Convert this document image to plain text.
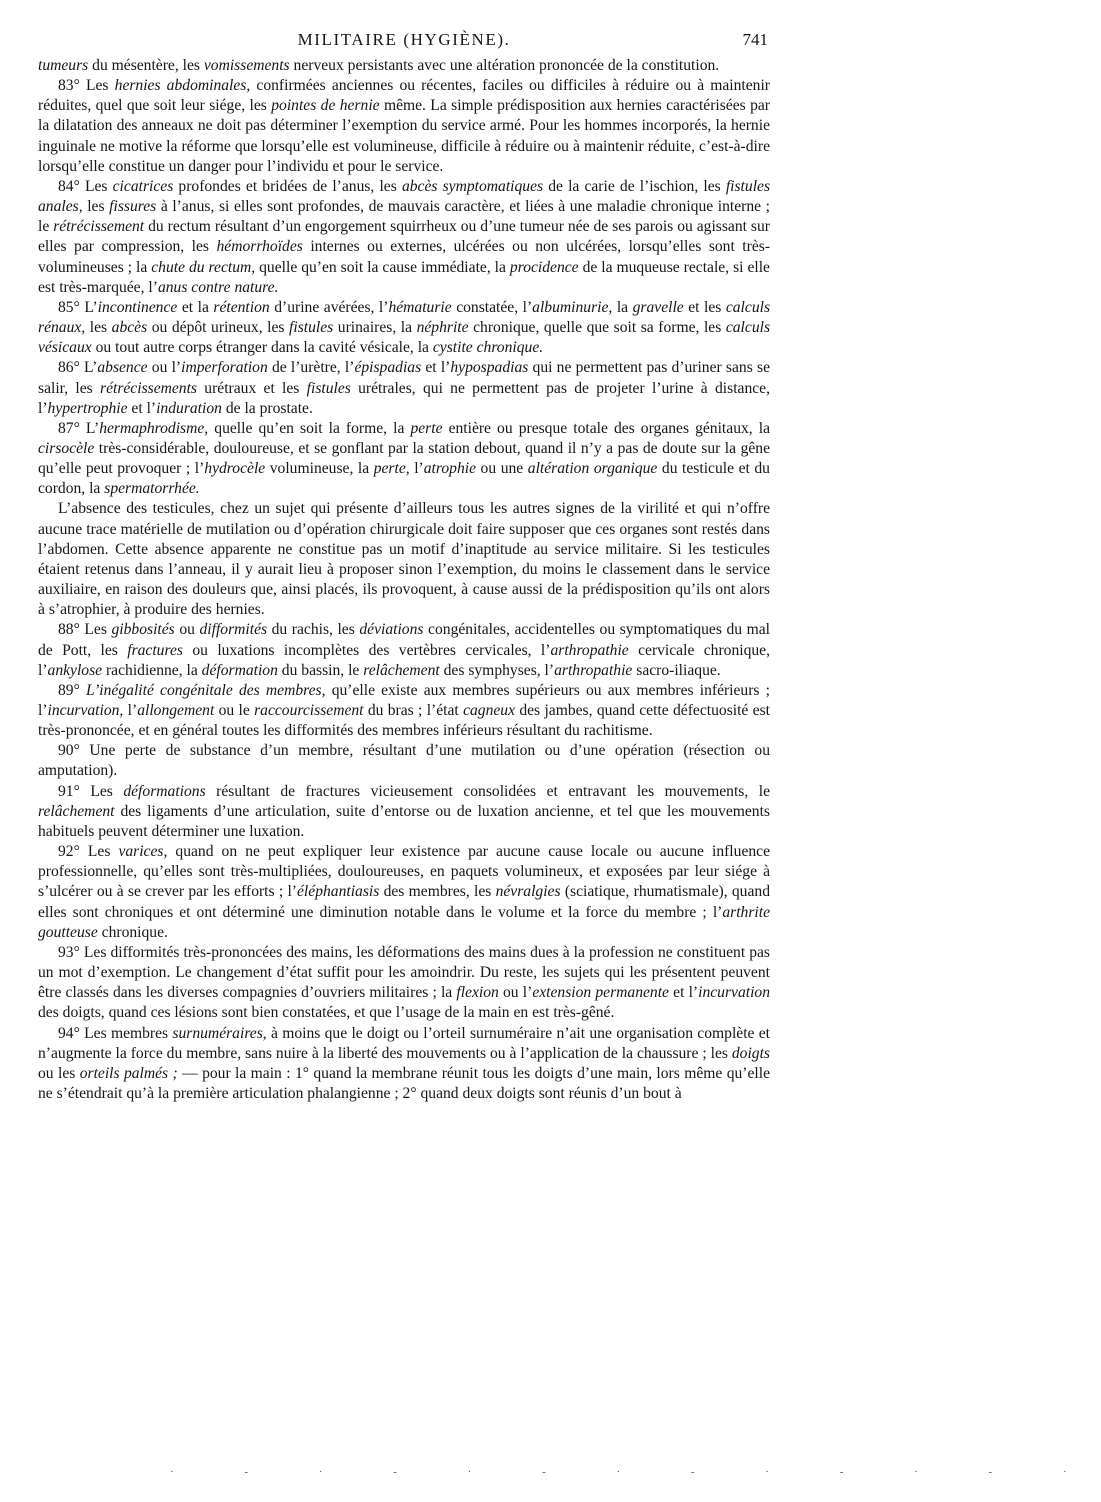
MILITAIRE (HYGIÈNE).	741

tumeurs du mésentère, les vomissements nerveux persistants avec une altération prononcée de la constitution.

83° Les hernies abdominales, confirmées anciennes ou récentes, faciles ou difficiles à réduire ou à maintenir réduites, quel que soit leur siége, les pointes de hernie même. La simple prédisposition aux hernies caractérisées par la dilatation des anneaux ne doit pas déterminer l’exemption du service armé. Pour les hommes incorporés, la hernie inguinale ne motive la réforme que lorsqu’elle est volumineuse, difficile à réduire ou à maintenir réduite, c’est-à-dire lorsqu’elle constitue un danger pour l’individu et pour le service.

84° Les cicatrices profondes et bridées de l’anus, les abcès symptomatiques de la carie de l’ischion, les fistules anales, les fissures à l’anus, si elles sont profondes, de mauvais caractère, et liées à une maladie chronique interne ; le rétrécissement du rectum résultant d’un engorgement squirrheux ou d’une tumeur née de ses parois ou agissant sur elles par compression, les hémorrhoïdes internes ou externes, ulcérées ou non ulcérées, lorsqu’elles sont très-volumineuses ; la chute du rectum, quelle qu’en soit la cause immédiate, la procidence de la muqueuse rectale, si elle est très-marquée, l’anus contre nature.

85° L’incontinence et la rétention d’urine avérées, l’hématurie constatée, l’albuminurie, la gravelle et les calculs rénaux, les abcès ou dépôt urineux, les fistules urinaires, la néphrite chronique, quelle que soit sa forme, les calculs vésicaux ou tout autre corps étranger dans la cavité vésicale, la cystite chronique.

86° L’absence ou l’imperforation de l’urètre, l’épispadias et l’hypospadias qui ne permettent pas d’uriner sans se salir, les rétrécissements urétraux et les fistules urétrales, qui ne permettent pas de projeter l’urine à distance, l’hypertrophie et l’induration de la prostate.

87° L’hermaphrodisme, quelle qu’en soit la forme, la perte entière ou presque totale des organes génitaux, la cirsocèle très-considérable, douloureuse, et se gonflant par la station debout, quand il n’y a pas de doute sur la gêne qu’elle peut provoquer ; l’hydrocèle volumineuse, la perte, l’atrophie ou une altération organique du testicule et du cordon, la spermatorrhée.

L’absence des testicules, chez un sujet qui présente d’ailleurs tous les autres signes de la virilité et qui n’offre aucune trace matérielle de mutilation ou d’opération chirurgicale doit faire supposer que ces organes sont restés dans l’abdomen. Cette absence apparente ne constitue pas un motif d’inaptitude au service militaire. Si les testicules étaient retenus dans l’anneau, il y aurait lieu à proposer sinon l’exemption, du moins le classement dans le service auxiliaire, en raison des douleurs que, ainsi placés, ils provoquent, à cause aussi de la prédisposition qu’ils ont alors à s’atrophier, à produire des hernies.

88° Les gibbosités ou difformités du rachis, les déviations congénitales, accidentelles ou symptomatiques du mal de Pott, les fractures ou luxations incomplètes des vertèbres cervicales, l’arthropathie cervicale chronique, l’ankylose rachidienne, la déformation du bassin, le relâchement des symphyses, l’arthropathie sacro-iliaque.

89° L’inégalité congénitale des membres, qu’elle existe aux membres supérieurs ou aux membres inférieurs ; l’incurvation, l’allongement ou le raccourcissement du bras ; l’état cagneux des jambes, quand cette défectuosité est très-prononcée, et en général toutes les difformités des membres inférieurs résultant du rachitisme.

90° Une perte de substance d’un membre, résultant d’une mutilation ou d’une opération (résection ou amputation).

91° Les déformations résultant de fractures vicieusement consolidées et entravant les mouvements, le relâchement des ligaments d’une articulation, suite d’entorse ou de luxation ancienne, et tel que les mouvements habituels peuvent déterminer une luxation.

92° Les varices, quand on ne peut expliquer leur existence par aucune cause locale ou aucune influence professionnelle, qu’elles sont très-multipliées, douloureuses, en paquets volumineux, et exposées par leur siége à s’ulcérer ou à se crever par les efforts ; l’éléphantiasis des membres, les névralgies (sciatique, rhumatismale), quand elles sont chroniques et ont déterminé une diminution notable dans le volume et la force du membre ; l’arthrite goutteuse chronique.

93° Les difformités très-prononcées des mains, les déformations des mains dues à la profession ne constituent pas un mot d’exemption. Le changement d’état suffit pour les amoindrir. Du reste, les sujets qui les présentent peuvent être classés dans les diverses compagnies d’ouvriers militaires ; la flexion ou l’extension permanente et l’incurvation des doigts, quand ces lésions sont bien constatées, et que l’usage de la main en est très-gêné.

94° Les membres surnuméraires, à moins que le doigt ou l’orteil surnuméraire n’ait une organisation complète et n’augmente la force du membre, sans nuire à la liberté des mouvements ou à l’application de la chaussure ; les doigts ou les orteils palmés ; — pour la main : 1° quand la membrane réunit tous les doigts d’une main, lors même qu’elle ne s’étendrait qu’à la première articulation phalangienne ; 2° quand deux doigts sont réunis d’un bout à

· - · - · - · - · - · - ·
